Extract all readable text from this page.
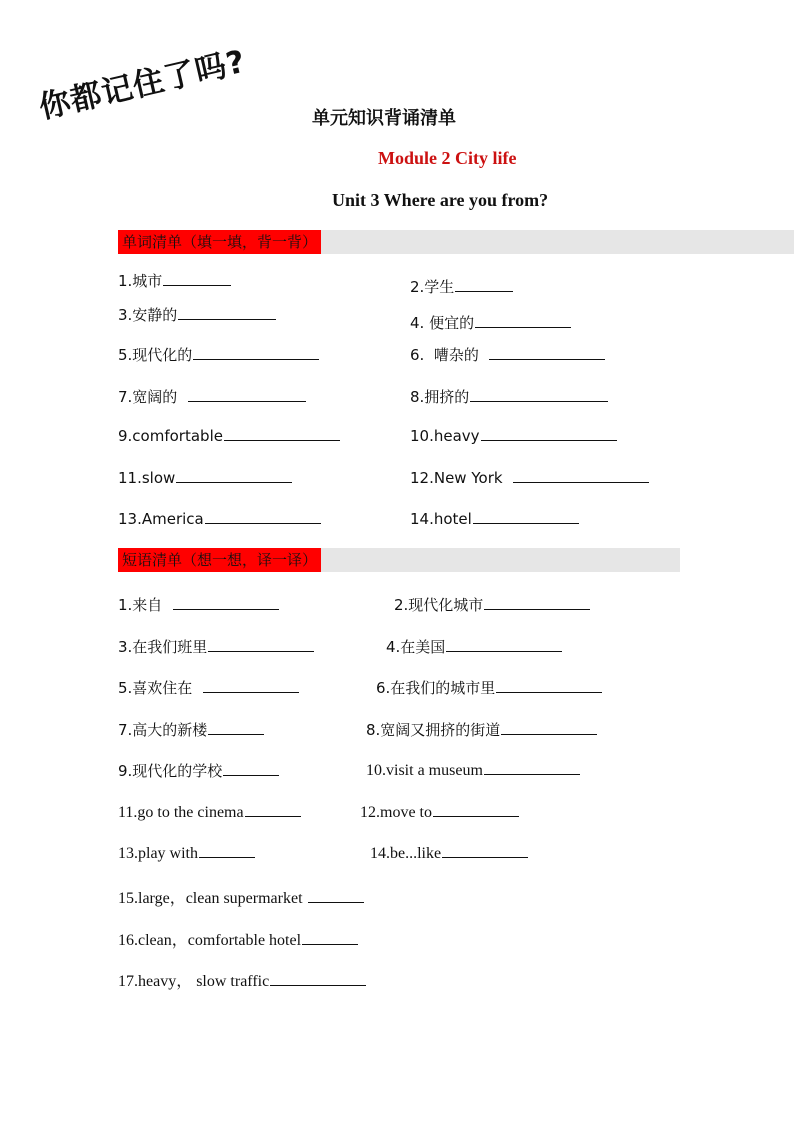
你都记住了吗?	单元知识背诵清单
Module 2 City life
Unit 3 Where are you from?
单词清单（填一填，背一背）
1.城市	2.学生
3.安静的	4. 便宜的
5.现代化的	6.  嘈杂的
7.宽阔的	8.拥挤的
9.comfortable	10.heavy
11.slow	12.New York
13.America	14.hotel
短语清单（想一想，译一译）
1.来自	2.现代化城市
3.在我们班里	4.在美国
5.喜欢住在	6.在我们的城市里
7.高大的新楼	8.宽阔又拥挤的街道
9.现代化的学校	10.visit a museum
11.go to the cinema	12.move to
13.play with	14.be...like
15.large，clean supermarket
16.clean，comfortable hotel
17.heavy， slow traffic
